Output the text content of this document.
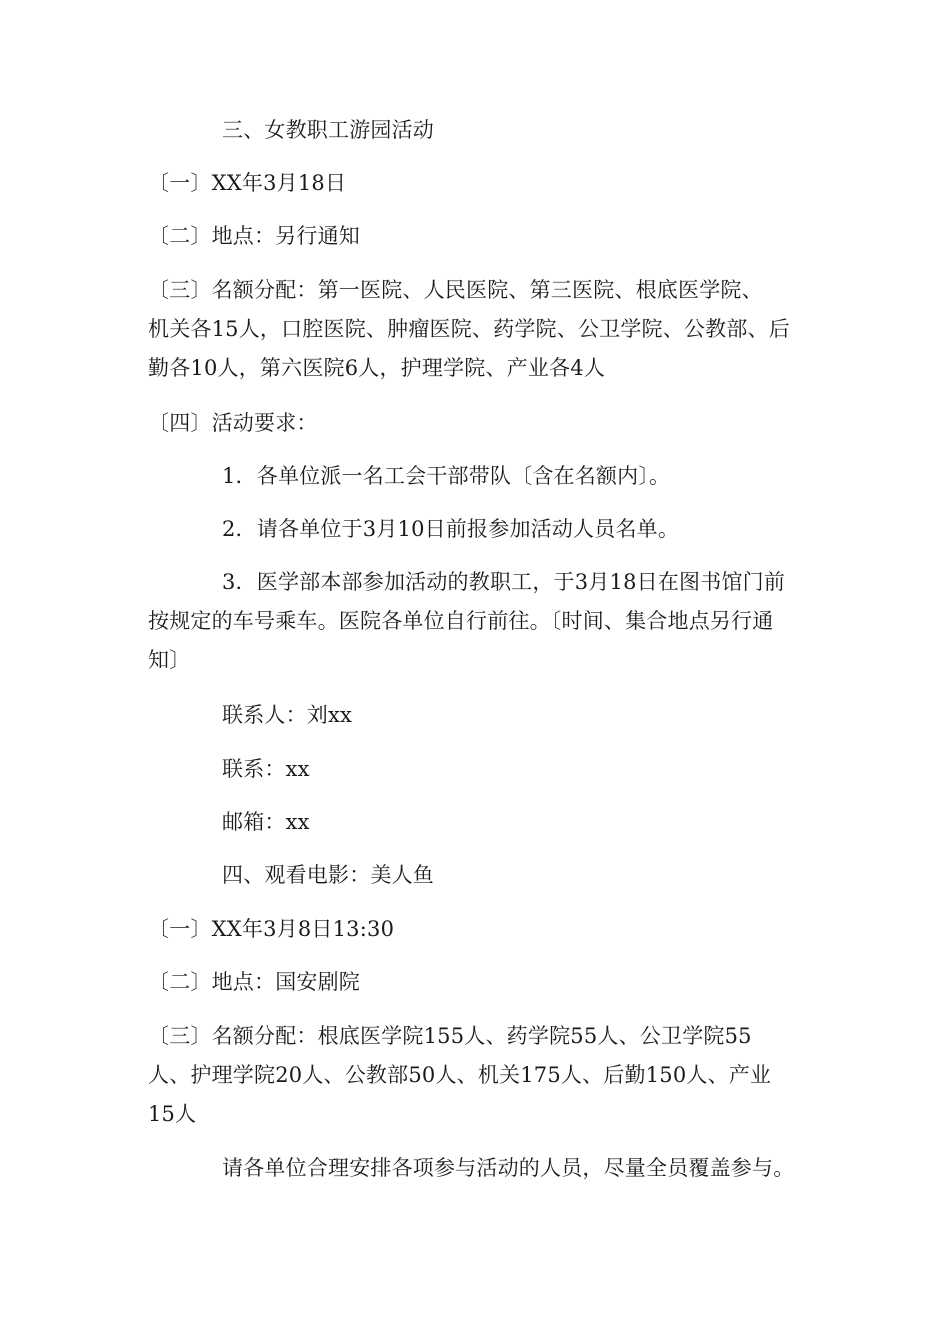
三、女教职工游园活动
〔一〕XX年3月18日
〔二〕地点：另行通知
〔三〕名额分配：第一医院、人民医院、第三医院、根底医学院、
机关各15人，口腔医院、肿瘤医院、药学院、公卫学院、公教部、后
勤各10人，第六医院6人，护理学院、产业各4人
〔四〕活动要求：
1．各单位派一名工会干部带队〔含在名额内〕。
2．请各单位于3月10日前报参加活动人员名单。
3．医学部本部参加活动的教职工，于3月18日在图书馆门前
按规定的车号乘车。医院各单位自行前往。〔时间、集合地点另行通
知〕
联系人：刘xx
联系：xx
邮箱：xx
四、观看电影：美人鱼
〔一〕XX年3月8日13:30
〔二〕地点：国安剧院
〔三〕名额分配：根底医学院155人、药学院55人、公卫学院55
人、护理学院20人、公教部50人、机关175人、后勤150人、产业
15人
请各单位合理安排各项参与活动的人员，尽量全员覆盖参与。
